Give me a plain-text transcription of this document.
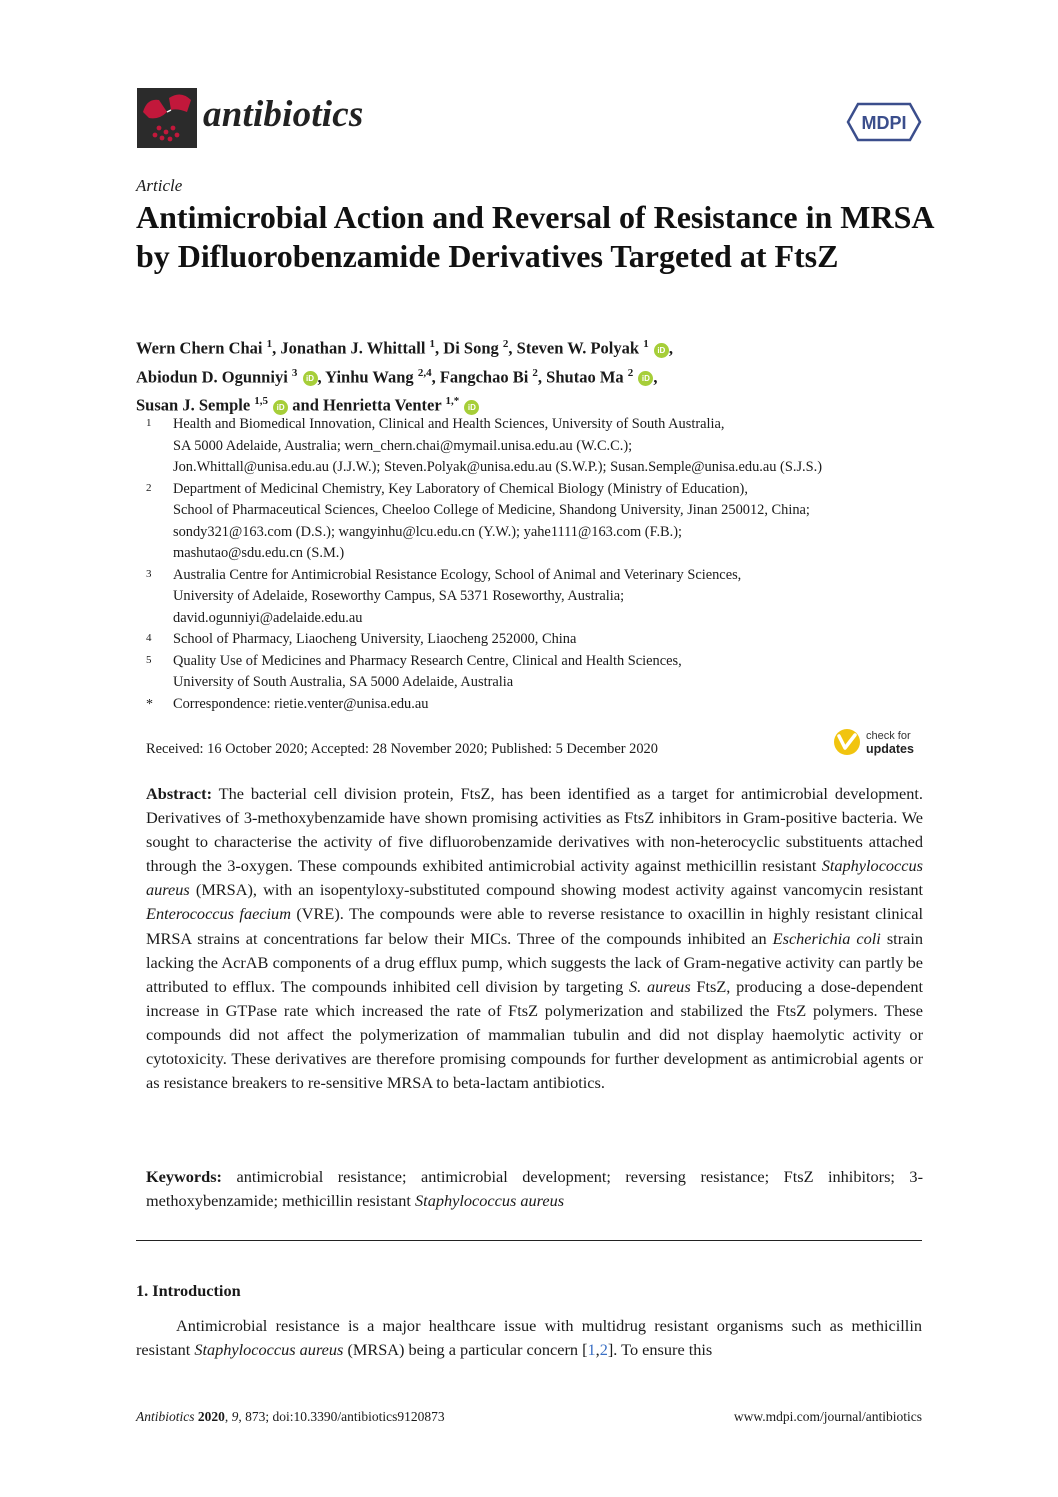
antibiotics	MDPI
Article
Antimicrobial Action and Reversal of Resistance in MRSA by Difluorobenzamide Derivatives Targeted at FtsZ
Wern Chern Chai $^1$, Jonathan J. Whittall $^1$, Di Song $^2$, Steven W. Polyak $^1$ iD ,
Abiodun D. Ogunniyi $^3$ iD , Yinhu Wang $^{2,4}$, Fangchao Bi $^2$, Shutao Ma $^2$ iD ,
Susan J. Semple $^{1,5}$ iD and Henrietta Venter $^{1,*}$ iD
1	Health and Biomedical Innovation, Clinical and Health Sciences, University of South Australia,
SA 5000 Adelaide, Australia; wern_chern.chai@mymail.unisa.edu.au (W.C.C.);
Jon.Whittall@unisa.edu.au (J.J.W.); Steven.Polyak@unisa.edu.au (S.W.P.); Susan.Semple@unisa.edu.au (S.J.S.)
2	Department of Medicinal Chemistry, Key Laboratory of Chemical Biology (Ministry of Education),
School of Pharmaceutical Sciences, Cheeloo College of Medicine, Shandong University, Jinan 250012, China;
sondy321@163.com (D.S.); wangyinhu@lcu.edu.cn (Y.W.); yahe1111@163.com (F.B.);
mashutao@sdu.edu.cn (S.M.)
3	Australia Centre for Antimicrobial Resistance Ecology, School of Animal and Veterinary Sciences,
University of Adelaide, Roseworthy Campus, SA 5371 Roseworthy, Australia;
david.ogunniyi@adelaide.edu.au
4	School of Pharmacy, Liaocheng University, Liaocheng 252000, China
5	Quality Use of Medicines and Pharmacy Research Centre, Clinical and Health Sciences,
University of South Australia, SA 5000 Adelaide, Australia
*	Correspondence: rietie.venter@unisa.edu.au
Received: 16 October 2020; Accepted: 28 November 2020; Published: 5 December 2020
check for
updates
Abstract: The bacterial cell division protein, FtsZ, has been identified as a target for antimicrobial development. Derivatives of 3-methoxybenzamide have shown promising activities as FtsZ inhibitors in Gram-positive bacteria. We sought to characterise the activity of five difluorobenzamide derivatives with non-heterocyclic substituents attached through the 3-oxygen. These compounds exhibited antimicrobial activity against methicillin resistant Staphylococcus aureus (MRSA), with an isopentyloxy-substituted compound showing modest activity against vancomycin resistant Enterococcus faecium (VRE). The compounds were able to reverse resistance to oxacillin in highly resistant clinical MRSA strains at concentrations far below their MICs. Three of the compounds inhibited an Escherichia coli strain lacking the AcrAB components of a drug efflux pump, which suggests the lack of Gram-negative activity can partly be attributed to efflux. The compounds inhibited cell division by targeting S. aureus FtsZ, producing a dose-dependent increase in GTPase rate which increased the rate of FtsZ polymerization and stabilized the FtsZ polymers. These compounds did not affect the polymerization of mammalian tubulin and did not display haemolytic activity or cytotoxicity. These derivatives are therefore promising compounds for further development as antimicrobial agents or as resistance breakers to re-sensitive MRSA to beta-lactam antibiotics.
Keywords: antimicrobial resistance; antimicrobial development; reversing resistance; FtsZ inhibitors; 3-methoxybenzamide; methicillin resistant Staphylococcus aureus
1. Introduction
Antimicrobial resistance is a major healthcare issue with multidrug resistant organisms such as methicillin resistant Staphylococcus aureus (MRSA) being a particular concern [1,2]. To ensure this
Antibiotics 2020, 9, 873; doi:10.3390/antibiotics9120873	www.mdpi.com/journal/antibiotics
